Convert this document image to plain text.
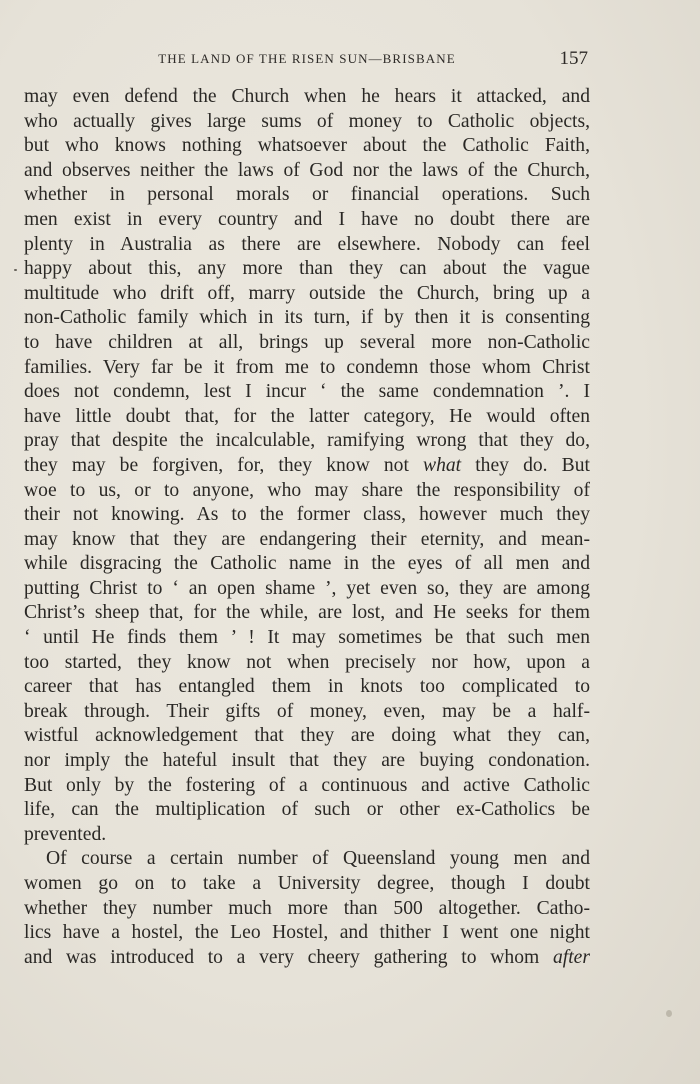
THE LAND OF THE RISEN SUN—BRISBANE	157
may even defend the Church when he hears it attacked, and
who actually gives large sums of money to Catholic objects,
but who knows nothing whatsoever about the Catholic Faith,
and observes neither the laws of God nor the laws of the Church,
whether in personal morals or financial operations. Such
men exist in every country and I have no doubt there are
plenty in Australia as there are elsewhere. Nobody can feel
happy about this, any more than they can about the vague
multitude who drift off, marry outside the Church, bring up a
non-Catholic family which in its turn, if by then it is consenting
to have children at all, brings up several more non-Catholic
families. Very far be it from me to condemn those whom Christ
does not condemn, lest I incur ‘ the same condemnation ’. I
have little doubt that, for the latter category, He would often
pray that despite the incalculable, ramifying wrong that they do,
they may be forgiven, for, they know not what they do. But
woe to us, or to anyone, who may share the responsibility of
their not knowing. As to the former class, however much they
may know that they are endangering their eternity, and mean-
while disgracing the Catholic name in the eyes of all men and
putting Christ to ‘ an open shame ’, yet even so, they are among
Christ’s sheep that, for the while, are lost, and He seeks for them
‘ until He finds them ’ ! It may sometimes be that such men
too started, they know not when precisely nor how, upon a
career that has entangled them in knots too complicated to
break through. Their gifts of money, even, may be a half-
wistful acknowledgement that they are doing what they can,
nor imply the hateful insult that they are buying condonation.
But only by the fostering of a continuous and active Catholic
life, can the multiplication of such or other ex-Catholics be
prevented.
Of course a certain number of Queensland young men and
women go on to take a University degree, though I doubt
whether they number much more than 500 altogether. Catho-
lics have a hostel, the Leo Hostel, and thither I went one night
and was introduced to a very cheery gathering to whom after
